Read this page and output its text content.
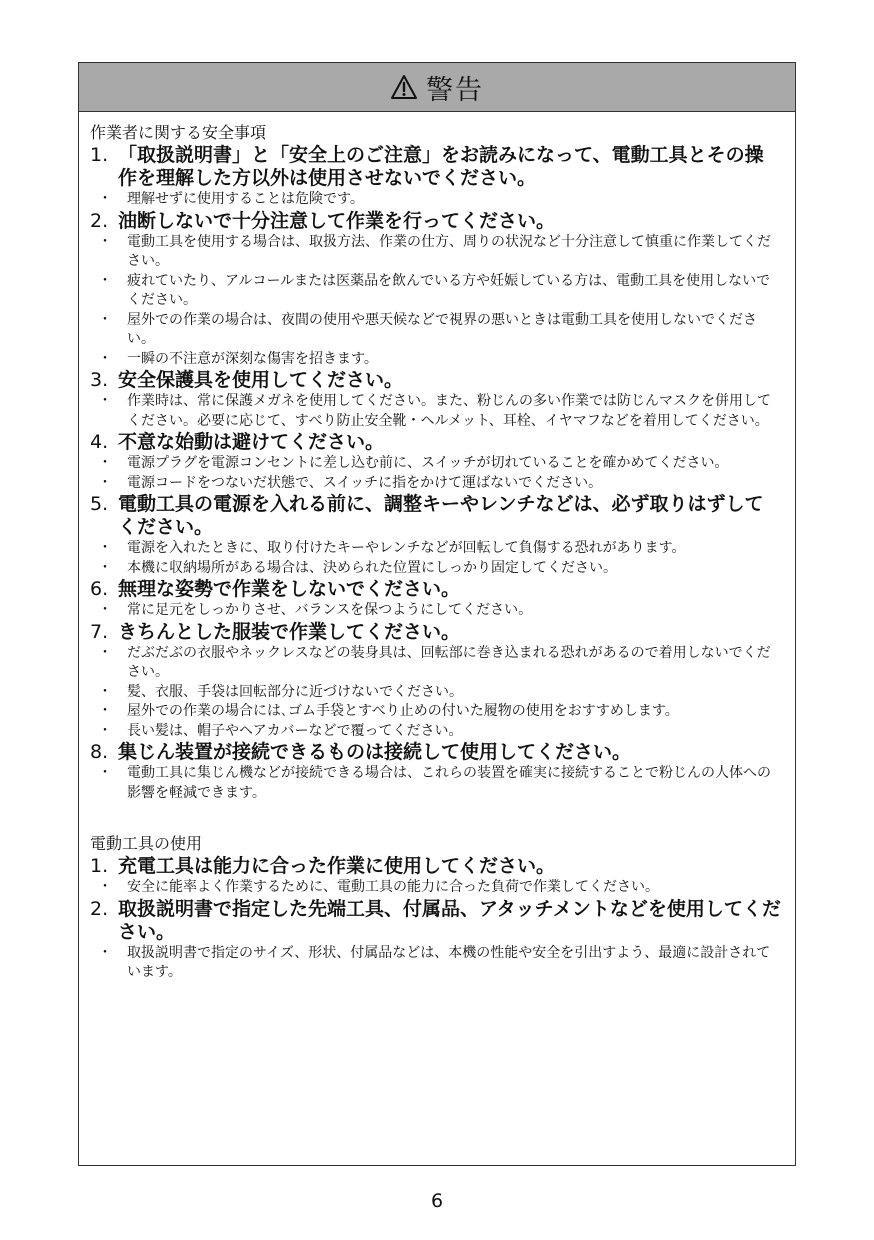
警告
作業者に関する安全事項
1. 「取扱説明書」と「安全上のご注意」をお読みになって、電動工具とその操作を理解した方以外は使用させないでください。
・	理解せずに使用することは危険です。
2. 油断しないで十分注意して作業を行ってください。
・	電動工具を使用する場合は、取扱方法、作業の仕方、周りの状況など十分注意して慎重に作業してください。
・	疲れていたり、アルコールまたは医薬品を飲んでいる方や妊娠している方は、電動工具を使用しないでください。
・	屋外での作業の場合は、夜間の使用や悪天候などで視界の悪いときは電動工具を使用しないでください。
・	一瞬の不注意が深刻な傷害を招きます。
3. 安全保護具を使用してください。
・	作業時は、常に保護メガネを使用してください。また、粉じんの多い作業では防じんマスクを併用してください。必要に応じて、すべり防止安全靴・ヘルメット、耳栓、イヤマフなどを着用してください。
4. 不意な始動は避けてください。
・	電源プラグを電源コンセントに差し込む前に、スイッチが切れていることを確かめてください。
・	電源コードをつないだ状態で、スイッチに指をかけて運ばないでください。
5. 電動工具の電源を入れる前に、調整キーやレンチなどは、必ず取りはずしてください。
・	電源を入れたときに、取り付けたキーやレンチなどが回転して負傷する恐れがあります。
・	本機に収納場所がある場合は、決められた位置にしっかり固定してください。
6. 無理な姿勢で作業をしないでください。
・	常に足元をしっかりさせ、バランスを保つようにしてください。
7. きちんとした服装で作業してください。
・	だぶだぶの衣服やネックレスなどの装身具は、回転部に巻き込まれる恐れがあるので着用しないでください。
・	髪、衣服、手袋は回転部分に近づけないでください。
・	屋外での作業の場合には､ゴム手袋とすべり止めの付いた履物の使用をおすすめします。
・	長い髪は、帽子やヘアカバーなどで覆ってください。
8. 集じん装置が接続できるものは接続して使用してください。
・	電動工具に集じん機などが接続できる場合は、これらの装置を確実に接続することで粉じんの人体への影響を軽減できます。
電動工具の使用
1. 充電工具は能力に合った作業に使用してください。
・	安全に能率よく作業するために、電動工具の能力に合った負荷で作業してください。
2. 取扱説明書で指定した先端工具、付属品、アタッチメントなどを使用してください。
・	取扱説明書で指定のサイズ、形状、付属品などは、本機の性能や安全を引出すよう、最適に設計されています。
6
